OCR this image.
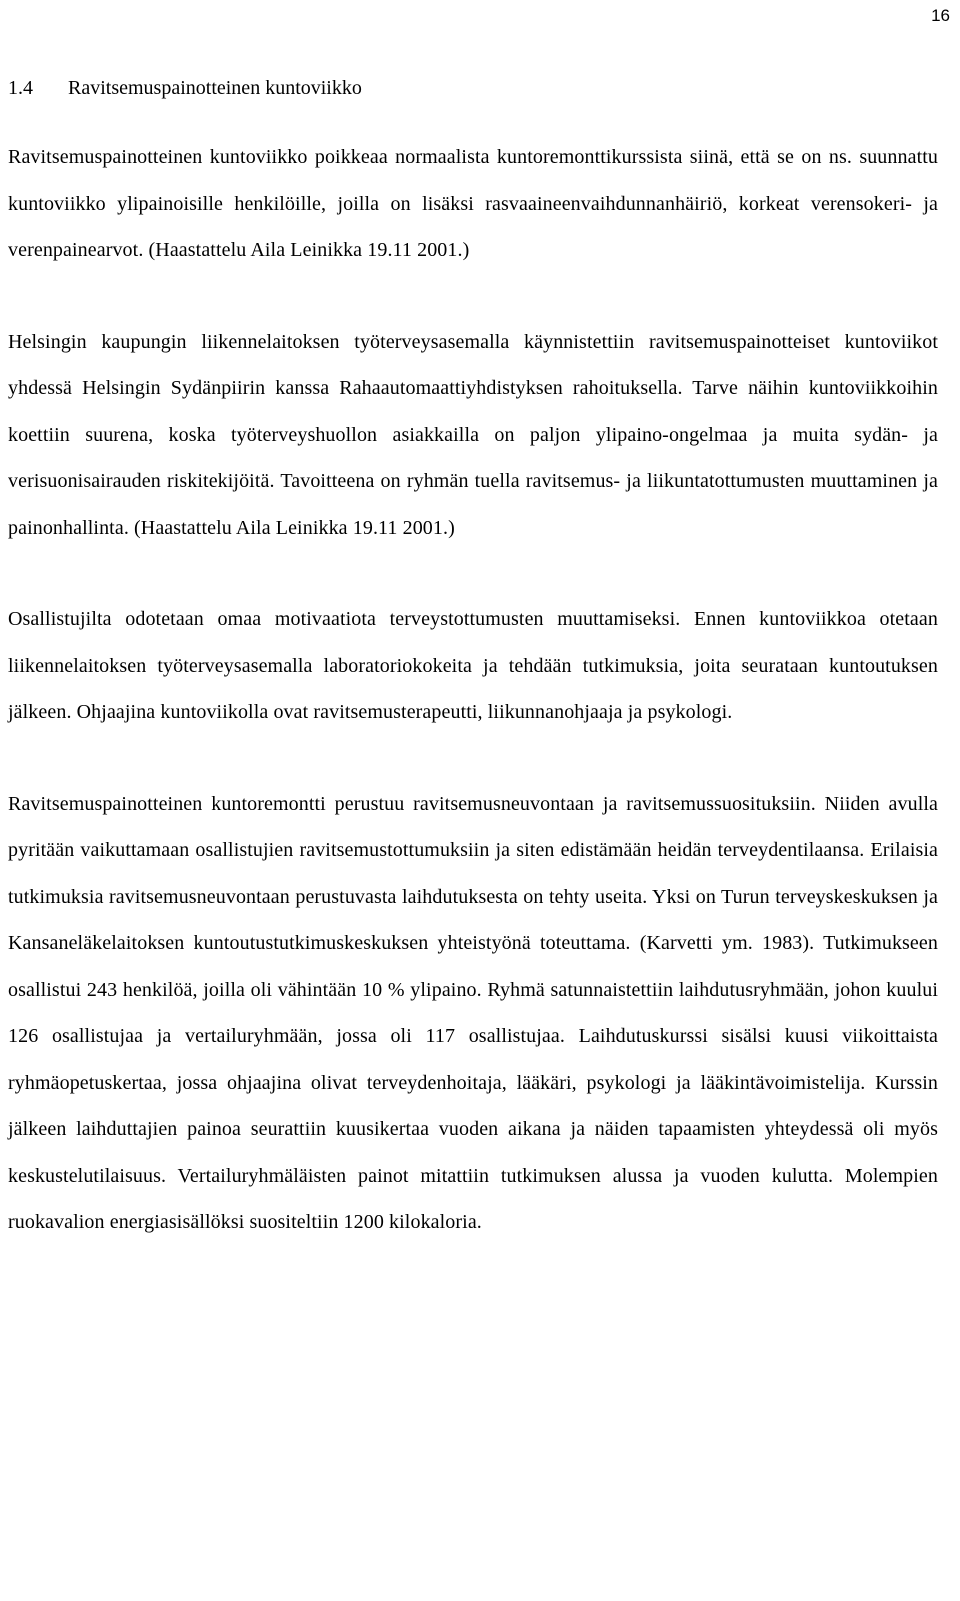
16
1.4 Ravitsemuspainotteinen kuntoviikko

Ravitsemuspainotteinen kuntoviikko poikkeaa normaalista kuntoremonttikurssista siinä, että se on ns. suunnattu kuntoviikko ylipainoisille henkilöille, joilla on lisäksi rasvaaineenvaihdunnanhäiriö, korkeat verensokeri- ja verenpainearvot. (Haastattelu Aila Leinikka 19.11 2001.)

Helsingin kaupungin liikennelaitoksen työterveysasemalla käynnistettiin ravitsemuspainotteiset kuntoviikot yhdessä Helsingin Sydänpiirin kanssa Rahaautomaattiyhdistyksen rahoituksella. Tarve näihin kuntoviikkoihin koettiin suurena, koska työterveyshuollon asiakkailla on paljon ylipaino-ongelmaa ja muita sydän- ja verisuonisairauden riskitekijöitä. Tavoitteena on ryhmän tuella ravitsemus- ja liikuntatottumusten muuttaminen ja painonhallinta. (Haastattelu Aila Leinikka 19.11 2001.)

Osallistujilta odotetaan omaa motivaatiota terveystottumusten muuttamiseksi. Ennen kuntoviikkoa otetaan liikennelaitoksen työterveysasemalla laboratoriokokeita ja tehdään tutkimuksia, joita seurataan kuntoutuksen jälkeen. Ohjaajina kuntoviikolla ovat ravitsemusterapeutti, liikunnanohjaaja ja psykologi.

Ravitsemuspainotteinen kuntoremontti perustuu ravitsemusneuvontaan ja ravitsemussuosituksiin. Niiden avulla pyritään vaikuttamaan osallistujien ravitsemustottumuksiin ja siten edistämään heidän terveydentilaansa. Erilaisia tutkimuksia ravitsemusneuvontaan perustuvasta laihdutuksesta on tehty useita. Yksi on Turun terveyskeskuksen ja Kansaneläkelaitoksen kuntoutustutkimuskeskuksen yhteistyönä toteuttama. (Karvetti ym. 1983). Tutkimukseen osallistui 243 henkilöä, joilla oli vähintään 10 % ylipaino. Ryhmä satunnaistettiin laihdutusryhmään, johon kuului 126 osallistujaa ja vertailuryhmään, jossa oli 117 osallistujaa. Laihdutuskurssi sisälsi kuusi viikoittaista ryhmäopetuskertaa, jossa ohjaajina olivat terveydenhoitaja, lääkäri, psykologi ja lääkintävoimistelija. Kurssin jälkeen laihduttajien painoa seurattiin kuusikertaa vuoden aikana ja näiden tapaamisten yhteydessä oli myös keskustelutilaisuus. Vertailuryhmäläisten painot mitattiin tutkimuksen alussa ja vuoden kulutta. Molempien ruokavalion energiasisällöksi suositeltiin 1200 kilokaloria.
